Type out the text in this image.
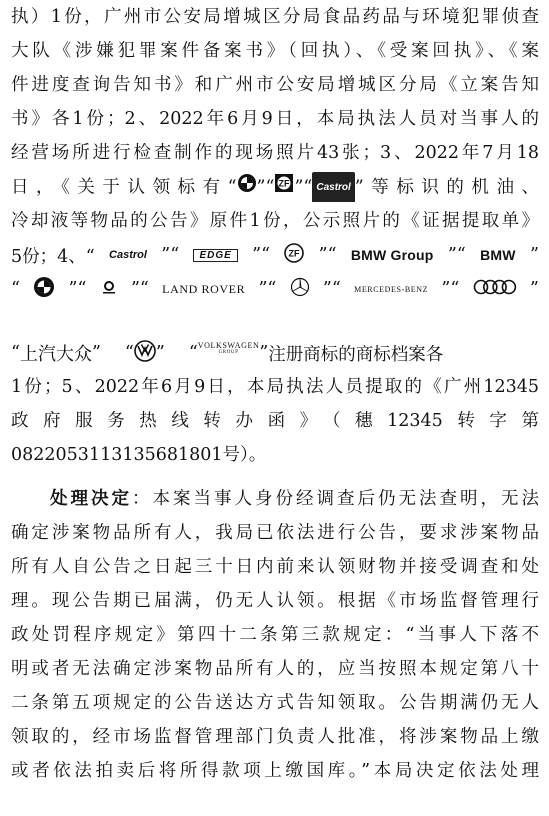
执）1份，广州市公安局增城区分局食品药品与环境犯罪侦查
大队《涉嫌犯罪案件备案书》（回执）、《受案回执》、《案
件进度查询告知书》和广州市公安局增城区分局《立案告知
书》各1份；2、2022年6月9日，本局执法人员对当事人的
经营场所进行检查制作的现场照片43张；3、2022年7月18
日，《关于认领标有“ ”“ ZF ”“ Castrol ”等标识的机油、
冷却液等物品的公告》原件1份，公示照片的《证据提取单》
5份；4、“ Castrol ”“	EDGE	”“ ZF ”“ BMW Group ”“ BMW ”
“	”“	”“ LAND ROVER ”“	”“ MERCEDES-BENZ ”“	”
“ 上汽大众 ” “ ” “ VOLKSWAGEN
GROUP ” 注册商标的商标档案各
1份；5、2022年6月9日，本局执法人员提取的《广州12345
政府服务热线转办函》（穗12345转字第
0822053113135681801号）。
处理决定：本案当事人身份经调查后仍无法查明，无法
确定涉案物品所有人，我局已依法进行公告，要求涉案物品
所有人自公告之日起三十日内前来认领财物并接受调查和处
理。现公告期已届满，仍无人认领。根据《市场监督管理行
政处罚程序规定》第四十二条第三款规定：“当事人下落不
明或者无法确定涉案物品所有人的，应当按照本规定第八十
二条第五项规定的公告送达方式告知领取。公告期满仍无人
领取的，经市场监督管理部门负责人批准，将涉案物品上缴
或者依法拍卖后将所得款项上缴国库。”本局决定依法处理
